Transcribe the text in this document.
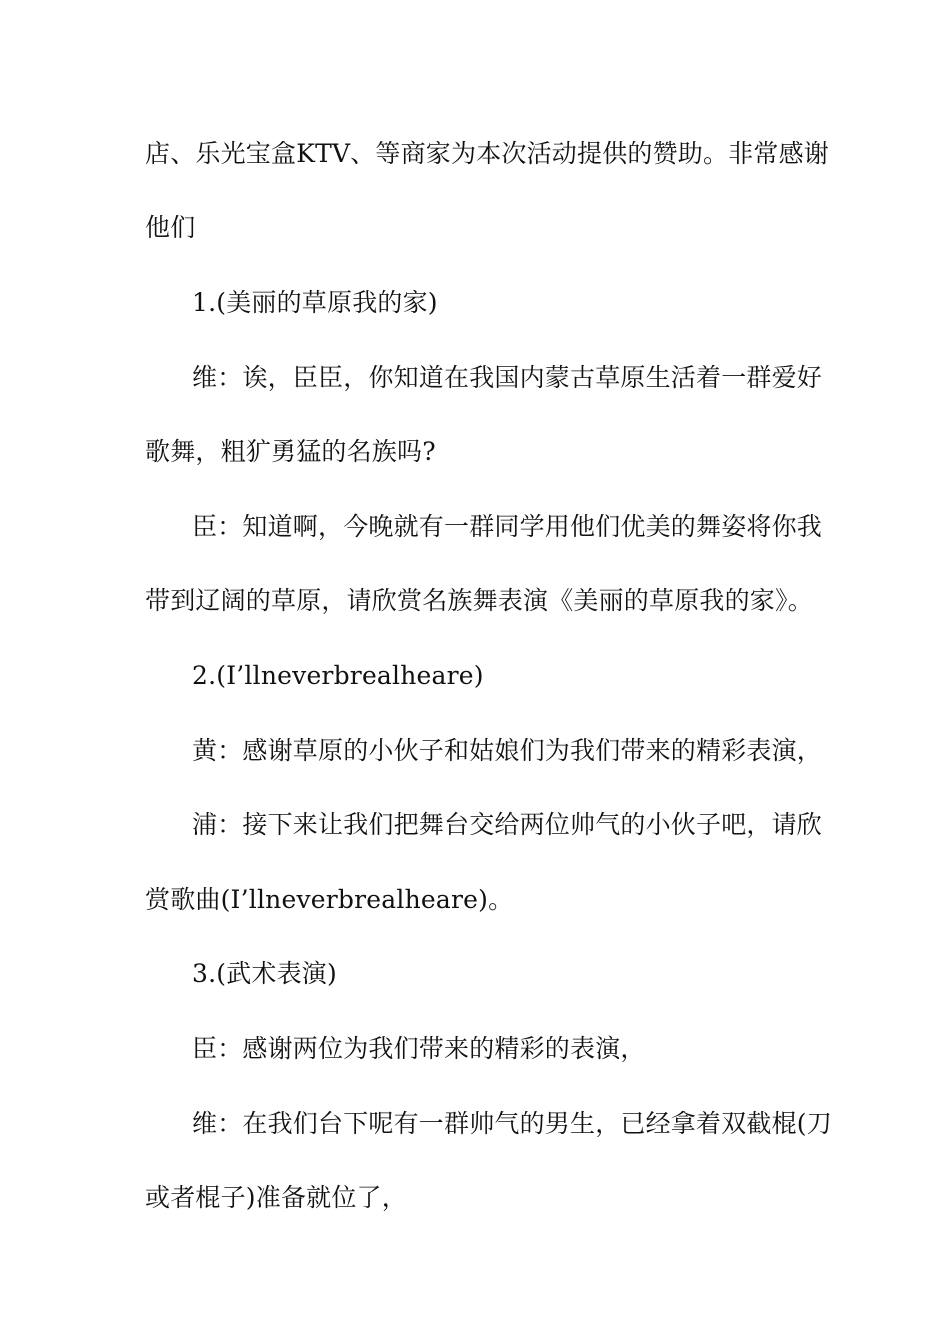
店、乐光宝盒KTV、等商家为本次活动提供的赞助。非常感谢
他们
1.(美丽的草原我的家)
维：诶，臣臣，你知道在我国内蒙古草原生活着一群爱好
歌舞，粗犷勇猛的名族吗?
臣：知道啊，今晚就有一群同学用他们优美的舞姿将你我
带到辽阔的草原，请欣赏名族舞表演《美丽的草原我的家》。
2.(I’llneverbrealheare)
黄：感谢草原的小伙子和姑娘们为我们带来的精彩表演，
浦：接下来让我们把舞台交给两位帅气的小伙子吧，请欣
赏歌曲(I’llneverbrealheare)。
3.(武术表演)
臣：感谢两位为我们带来的精彩的表演，
维：在我们台下呢有一群帅气的男生，已经拿着双截棍(刀
或者棍子)准备就位了，
